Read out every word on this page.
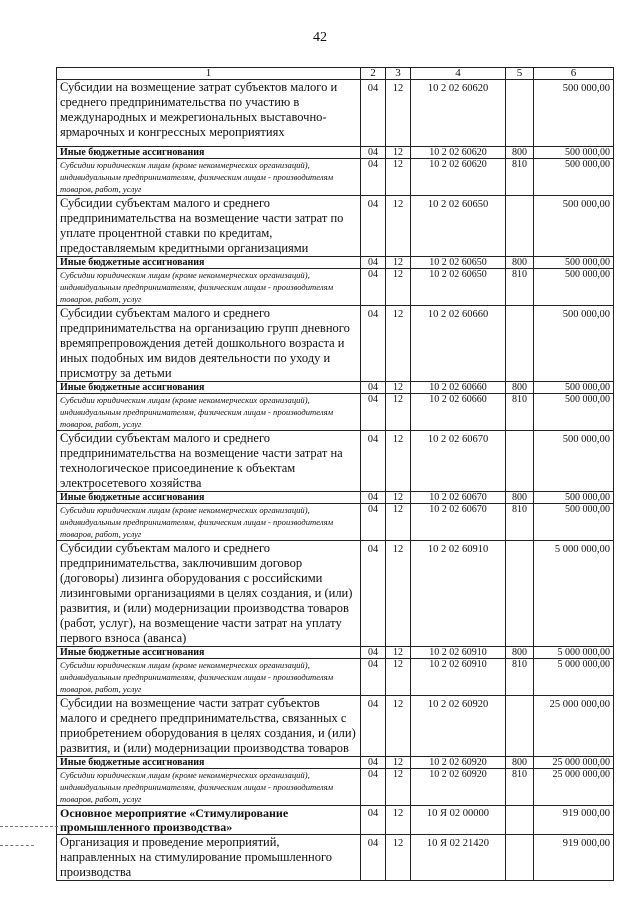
42
1	2	3	4	5	6
Субсидии на возмещение затрат субъектов малого и среднего предпринимательства по участию в международных и межрегиональных выставочно-ярмарочных и конгрессных мероприятиях	04	12	10 2 02 60620		500 000,00
Иные бюджетные ассигнования	04	12	10 2 02 60620	800	500 000,00
Субсидии юридическим лицам (кроме некоммерческих организаций), индивидуальным предпринимателям, физическим лицам - производителям товаров, работ, услуг	04	12	10 2 02 60620	810	500 000,00
Субсидии субъектам малого и среднего предпринимательства на возмещение части затрат по уплате процентной ставки по кредитам, предоставляемым кредитными организациями	04	12	10 2 02 60650		500 000,00
Иные бюджетные ассигнования	04	12	10 2 02 60650	800	500 000,00
Субсидии юридическим лицам (кроме некоммерческих организаций), индивидуальным предпринимателям, физическим лицам - производителям товаров, работ, услуг	04	12	10 2 02 60650	810	500 000,00
Субсидии субъектам малого и среднего предпринимательства на организацию групп дневного времяпрепровождения детей дошкольного возраста и иных подобных им видов деятельности по уходу и присмотру за детьми	04	12	10 2 02 60660		500 000,00
Иные бюджетные ассигнования	04	12	10 2 02 60660	800	500 000,00
Субсидии юридическим лицам (кроме некоммерческих организаций), индивидуальным предпринимателям, физическим лицам - производителям товаров, работ, услуг	04	12	10 2 02 60660	810	500 000,00
Субсидии субъектам малого и среднего предпринимательства на возмещение части затрат на технологическое присоединение к объектам электросетевого хозяйства	04	12	10 2 02 60670		500 000,00
Иные бюджетные ассигнования	04	12	10 2 02 60670	800	500 000,00
Субсидии юридическим лицам (кроме некоммерческих организаций), индивидуальным предпринимателям, физическим лицам - производителям товаров, работ, услуг	04	12	10 2 02 60670	810	500 000,00
Субсидии субъектам малого и среднего предпринимательства, заключившим договор (договоры) лизинга оборудования с российскими лизинговыми организациями в целях создания, и (или) развития, и (или) модернизации производства товаров (работ, услуг), на возмещение части затрат на уплату первого взноса (аванса)	04	12	10 2 02 60910		5 000 000,00
Иные бюджетные ассигнования	04	12	10 2 02 60910	800	5 000 000,00
Субсидии юридическим лицам (кроме некоммерческих организаций), индивидуальным предпринимателям, физическим лицам - производителям товаров, работ, услуг	04	12	10 2 02 60910	810	5 000 000,00
Субсидии на возмещение части затрат субъектов малого и среднего предпринимательства, связанных с приобретением оборудования в целях создания, и (или) развития, и (или) модернизации производства товаров	04	12	10 2 02 60920		25 000 000,00
Иные бюджетные ассигнования	04	12	10 2 02 60920	800	25 000 000,00
Субсидии юридическим лицам (кроме некоммерческих организаций), индивидуальным предпринимателям, физическим лицам - производителям товаров, работ, услуг	04	12	10 2 02 60920	810	25 000 000,00
Основное мероприятие «Стимулирование промышленного производства»	04	12	10 Я 02 00000		919 000,00
Организация и проведение мероприятий, направленных на стимулирование промышленного производства	04	12	10 Я 02 21420		919 000,00
